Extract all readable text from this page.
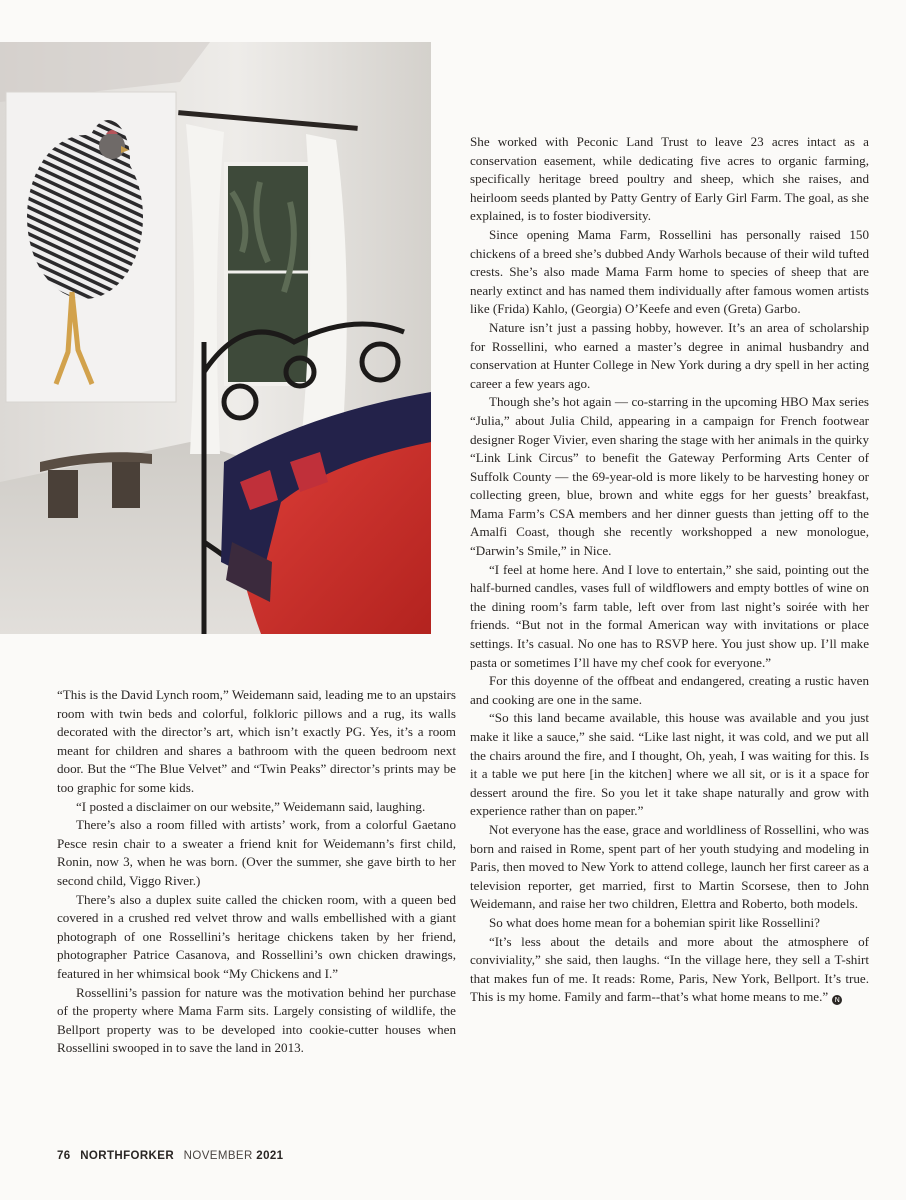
“This is the David Lynch room,” Weidemann said, leading me to an upstairs room with twin beds and colorful, folkloric pillows and a rug, its walls decorated with the director’s art, which isn’t exactly PG. Yes, it’s a room meant for children and shares a bathroom with the queen bedroom next door. But the “The Blue Velvet” and “Twin Peaks” director’s prints may be too graphic for some kids.

“I posted a disclaimer on our website,” Weidemann said, laughing.

There’s also a room filled with artists’ work, from a colorful Gaetano Pesce resin chair to a sweater a friend knit for Weidemann’s first child, Ronin, now 3, when he was born. (Over the summer, she gave birth to her second child, Viggo River.)

There’s also a duplex suite called the chicken room, with a queen bed covered in a crushed red velvet throw and walls embellished with a giant photograph of one Rossellini’s heritage chickens taken by her friend, photographer Patrice Casanova, and Rossellini’s own chicken drawings, featured in her whimsical book “My Chickens and I.”

Rossellini’s passion for nature was the motivation behind her purchase of the property where Mama Farm sits. Largely consisting of wildlife, the Bellport property was to be developed into cookie-cutter houses when Rossellini swooped in to save the land in 2013.

She worked with Peconic Land Trust to leave 23 acres intact as a conservation easement, while dedicating five acres to organic farming, specifically heritage breed poultry and sheep, which she raises, and heirloom seeds planted by Patty Gentry of Early Girl Farm. The goal, as she explained, is to foster biodiversity.

Since opening Mama Farm, Rossellini has personally raised 150 chickens of a breed she’s dubbed Andy Warhols because of their wild tufted crests. She’s also made Mama Farm home to species of sheep that are nearly extinct and has named them individually after famous women artists like (Frida) Kahlo, (Georgia) O’Keefe and even (Greta) Garbo.

Nature isn’t just a passing hobby, however. It’s an area of scholarship for Rossellini, who earned a master’s degree in animal husbandry and conservation at Hunter College in New York during a dry spell in her acting career a few years ago.

Though she’s hot again — co-starring in the upcoming HBO Max series “Julia,” about Julia Child, appearing in a campaign for French footwear designer Roger Vivier, even sharing the stage with her animals in the quirky “Link Link Circus” to benefit the Gateway Performing Arts Center of Suffolk County — the 69-year-old is more likely to be harvesting honey or collecting green, blue, brown and white eggs for her guests’ breakfast, Mama Farm’s CSA members and her dinner guests than jetting off to the Amalfi Coast, though she recently workshopped a new monologue, “Darwin’s Smile,” in Nice.

“I feel at home here. And I love to entertain,” she said, pointing out the half-burned candles, vases full of wildflowers and empty bottles of wine on the dining room’s farm table, left over from last night’s soirée with her friends. “But not in the formal American way with invitations or place settings. It’s casual. No one has to RSVP here. You just show up. I’ll make pasta or sometimes I’ll have my chef cook for everyone.”

For this doyenne of the offbeat and endangered, creating a rustic haven and cooking are one in the same.

“So this land became available, this house was available and you just make it like a sauce,” she said. “Like last night, it was cold, and we put all the chairs around the fire, and I thought, Oh, yeah, I was waiting for this. Is it a table we put here [in the kitchen] where we all sit, or is it a space for dessert around the fire. So you let it take shape naturally and grow with experience rather than on paper.”

Not everyone has the ease, grace and worldliness of Rossellini, who was born and raised in Rome, spent part of her youth studying and modeling in Paris, then moved to New York to attend college, launch her first career as a television reporter, get married, first to Martin Scorsese, then to John Weidemann, and raise her two children, Elettra and Roberto, both models.

So what does home mean for a bohemian spirit like Rossellini?

“It’s less about the details and more about the atmosphere of conviviality,” she said, then laughs. “In the village here, they sell a T-shirt that makes fun of me. It reads: Rome, Paris, New York, Bellport. It’s true. This is my home. Family and farm--that’s what home means to me.” N

76 NORTHFORKER NOVEMBER 2021
